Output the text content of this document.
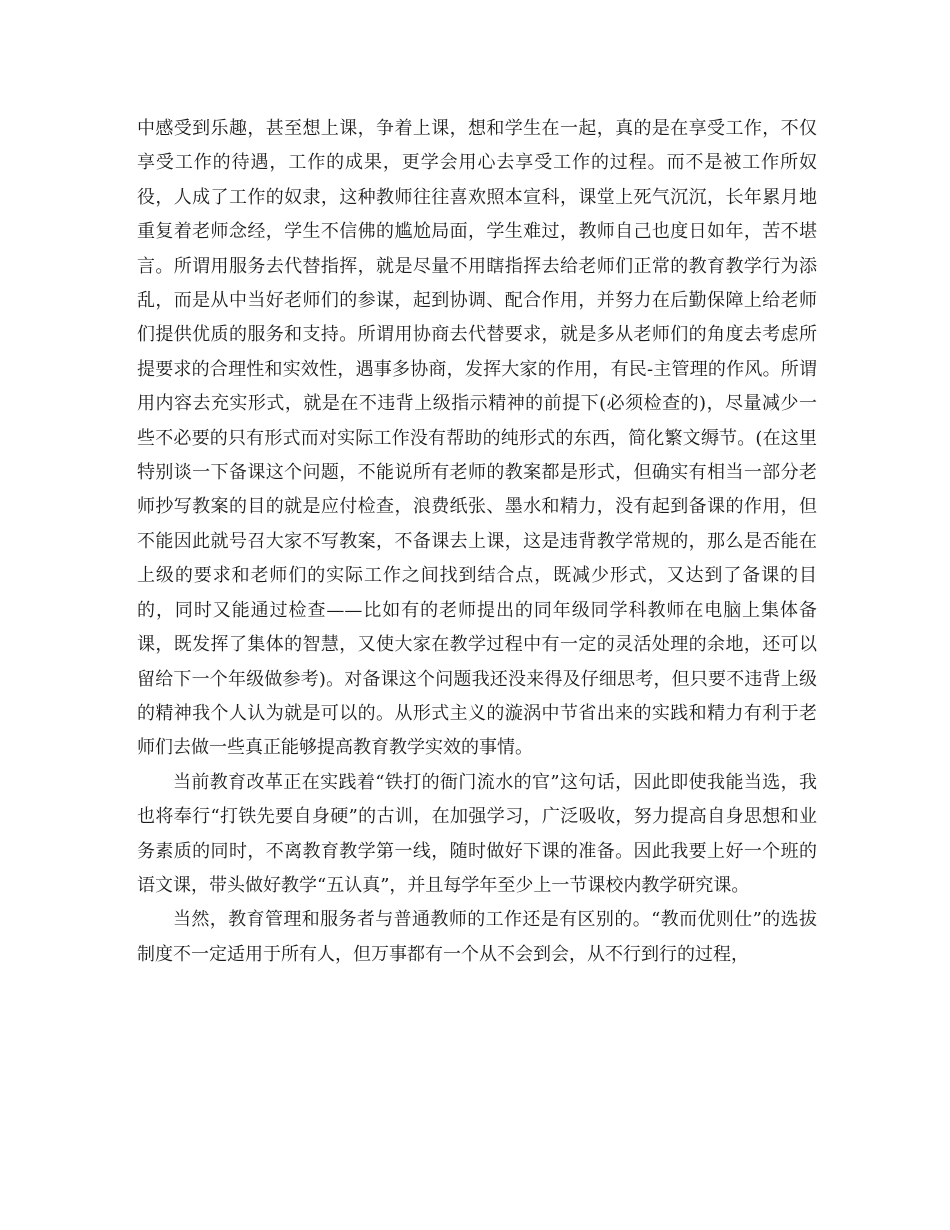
中感受到乐趣，甚至想上课，争着上课，想和学生在一起，真的是在享受工作，不仅享受工作的待遇，工作的成果，更学会用心去享受工作的过程。而不是被工作所奴役，人成了工作的奴隶，这种教师往往喜欢照本宣科，课堂上死气沉沉，长年累月地重复着老师念经，学生不信佛的尴尬局面，学生难过，教师自己也度日如年，苦不堪言。所谓用服务去代替指挥，就是尽量不用瞎指挥去给老师们正常的教育教学行为添乱，而是从中当好老师们的参谋，起到协调、配合作用，并努力在后勤保障上给老师们提供优质的服务和支持。所谓用协商去代替要求，就是多从老师们的角度去考虑所提要求的合理性和实效性，遇事多协商，发挥大家的作用，有民-主管理的作风。所谓用内容去充实形式，就是在不违背上级指示精神的前提下(必须检查的)，尽量减少一些不必要的只有形式而对实际工作没有帮助的纯形式的东西，简化繁文缛节。(在这里特别谈一下备课这个问题，不能说所有老师的教案都是形式，但确实有相当一部分老师抄写教案的目的就是应付检查，浪费纸张、墨水和精力，没有起到备课的作用，但不能因此就号召大家不写教案，不备课去上课，这是违背教学常规的，那么是否能在上级的要求和老师们的实际工作之间找到结合点，既减少形式，又达到了备课的目的，同时又能通过检查——比如有的老师提出的同年级同学科教师在电脑上集体备课，既发挥了集体的智慧，又使大家在教学过程中有一定的灵活处理的余地，还可以留给下一个年级做参考)。对备课这个问题我还没来得及仔细思考，但只要不违背上级的精神我个人认为就是可以的。从形式主义的漩涡中节省出来的实践和精力有利于老师们去做一些真正能够提高教育教学实效的事情。

当前教育改革正在实践着“铁打的衙门流水的官”这句话，因此即使我能当选，我也将奉行“打铁先要自身硬”的古训，在加强学习，广泛吸收，努力提高自身思想和业务素质的同时，不离教育教学第一线，随时做好下课的准备。因此我要上好一个班的语文课，带头做好教学“五认真”，并且每学年至少上一节课校内教学研究课。

当然，教育管理和服务者与普通教师的工作还是有区别的。“教而优则仕”的选拔制度不一定适用于所有人，但万事都有一个从不会到会，从不行到行的过程，
